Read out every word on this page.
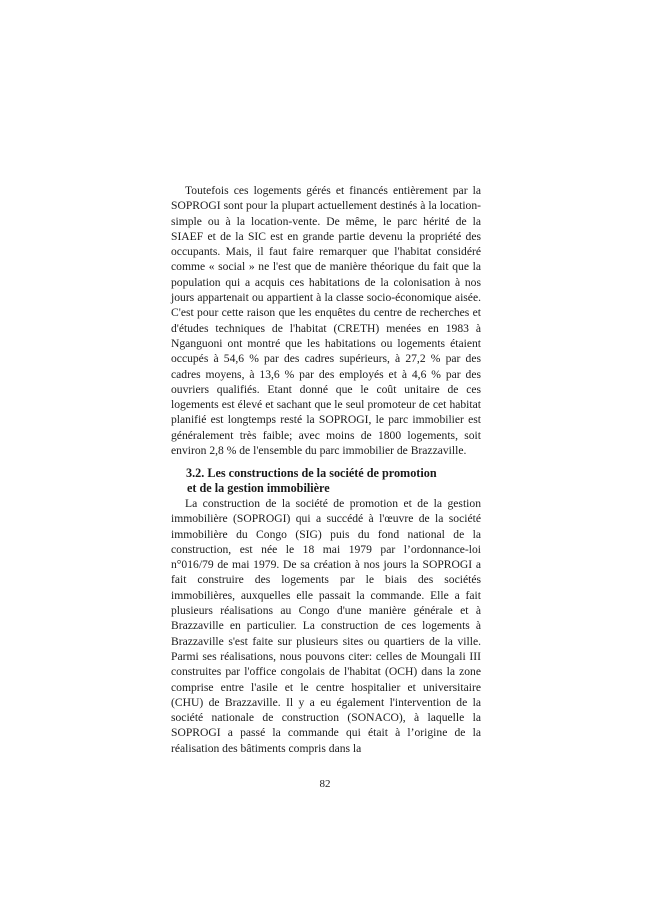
Toutefois ces logements gérés et financés entièrement par la SOPROGI sont pour la plupart actuellement destinés à la location-simple ou à la location-vente. De même, le parc hérité de la SIAEF et de la SIC est en grande partie devenu la propriété des occupants. Mais, il faut faire remarquer que l'habitat considéré comme « social » ne l'est que de manière théorique du fait que la population qui a acquis ces habitations de la colonisation à nos jours appartenait ou appartient à la classe socio-économique aisée. C'est pour cette raison que les enquêtes du centre de recherches et d'études techniques de l'habitat (CRETH) menées en 1983 à Nganguoni ont montré que les habitations ou logements étaient occupés à 54,6 % par des cadres supérieurs, à 27,2 % par des cadres moyens, à 13,6 % par des employés et à 4,6 % par des ouvriers qualifiés. Etant donné que le coût unitaire de ces logements est élevé et sachant que le seul promoteur de cet habitat planifié est longtemps resté la SOPROGI, le parc immobilier est généralement très faible; avec moins de 1800 logements, soit environ 2,8 % de l'ensemble du parc immobilier de Brazzaville.

3.2. Les constructions de la société de promotion
et de la gestion immobilière

La construction de la société de promotion et de la gestion immobilière (SOPROGI) qui a succédé à l'œuvre de la société immobilière du Congo (SIG) puis du fond national de la construction, est née le 18 mai 1979 par l’ordonnance-loi n°016/79 de mai 1979. De sa création à nos jours la SOPROGI a fait construire des logements par le biais des sociétés immobilières, auxquelles elle passait la commande. Elle a fait plusieurs réalisations au Congo d'une manière générale et à Brazzaville en particulier. La construction de ces logements à Brazzaville s'est faite sur plusieurs sites ou quartiers de la ville. Parmi ses réalisations, nous pouvons citer: celles de Moungali III construites par l'office congolais de l'habitat (OCH) dans la zone comprise entre l'asile et le centre hospitalier et universitaire (CHU) de Brazzaville. Il y a eu également l'intervention de la société nationale de construction (SONACO), à laquelle la SOPROGI a passé la commande qui était à l’origine de la réalisation des bâtiments compris dans la

82
